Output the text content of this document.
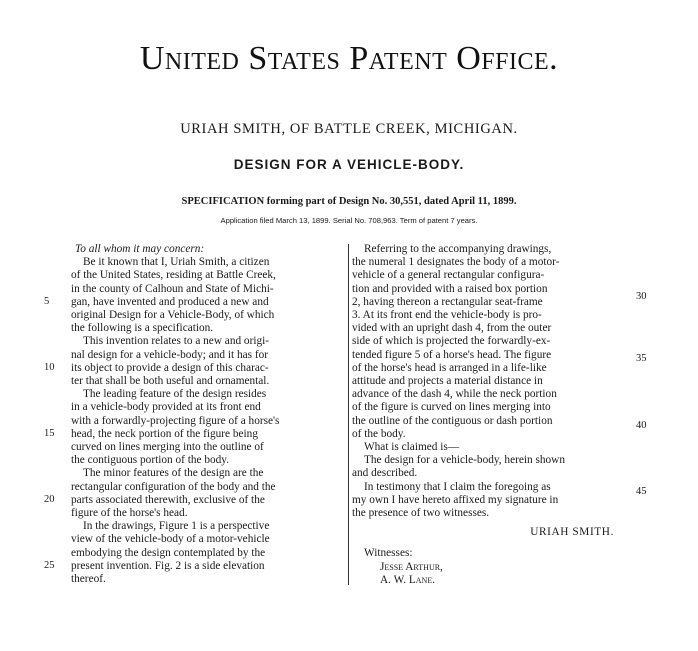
United States Patent Office.
URIAH SMITH, OF BATTLE CREEK, MICHIGAN.
DESIGN FOR A VEHICLE-BODY.
SPECIFICATION forming part of Design No. 30,551, dated April 11, 1899.
Application filed March 13, 1899. Serial No. 708,963. Term of patent 7 years.

To all whom it may concern:

Be it known that I, Uriah Smith, a citizen

of the United States, residing at Battle Creek,

in the county of Calhoun and State of Michi-

gan, have invented and produced a new and

original Design for a Vehicle-Body, of which

the following is a specification.

This invention relates to a new and origi-

nal design for a vehicle-body; and it has for

its object to provide a design of this charac-

ter that shall be both useful and ornamental.

The leading feature of the design resides

in a vehicle-body provided at its front end

with a forwardly-projecting figure of a horse's

head, the neck portion of the figure being

curved on lines merging into the outline of

the contiguous portion of the body.

The minor features of the design are the

rectangular configuration of the body and the

parts associated therewith, exclusive of the

figure of the horse's head.

In the drawings, Figure 1 is a perspective

view of the vehicle-body of a motor-vehicle

embodying the design contemplated by the

present invention. Fig. 2 is a side elevation

thereof.

Referring to the accompanying drawings,

the numeral 1 designates the body of a motor-

vehicle of a general rectangular configura-

tion and provided with a raised box portion

2, having thereon a rectangular seat-frame

3. At its front end the vehicle-body is pro-

vided with an upright dash 4, from the outer

side of which is projected the forwardly-ex-

tended figure 5 of a horse's head. The figure

of the horse's head is arranged in a life-like

attitude and projects a material distance in

advance of the dash 4, while the neck portion

of the figure is curved on lines merging into

the outline of the contiguous or dash portion

of the body.

What is claimed is—

The design for a vehicle-body, herein shown

and described.

In testimony that I claim the foregoing as

my own I have hereto affixed my signature in

the presence of two witnesses.

URIAH SMITH.

Witnesses:

Jesse Arthur,

A. W. Lane.

5
10
15
20
25
30
35
40
45
